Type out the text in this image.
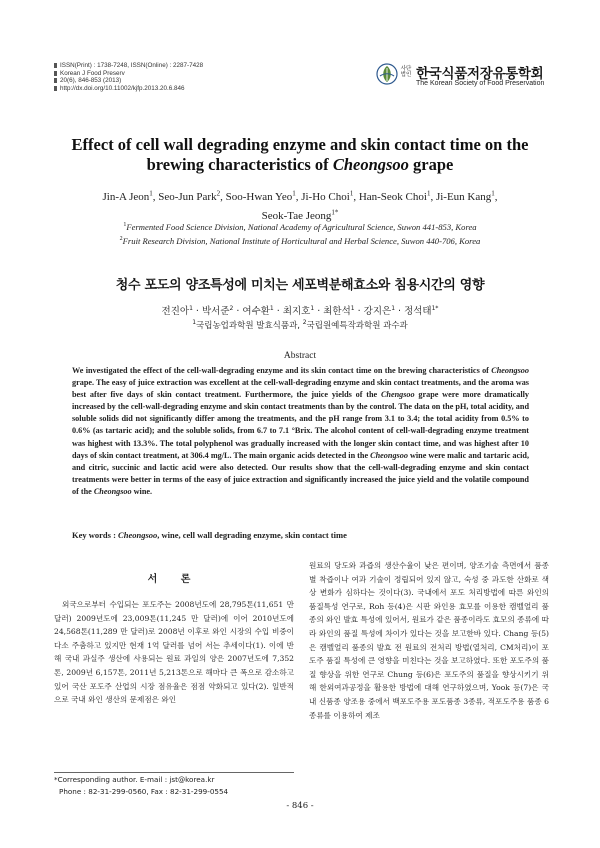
ISSN(Print) : 1738-7248, ISSN(Online) : 2287-7428
Korean J Food Preserv
20(6), 846-853 (2013)
http://dx.doi.org/10.11002/kjfp.2013.20.6.846
사단 법인 한국식품저장유통학회
The Korean Society of Food Preservation
Effect of cell wall degrading enzyme and skin contact time on the
brewing characteristics of Cheongsoo grape
Jin-A Jeon$^1$, Seo-Jun Park$^2$, Soo-Hwan Yeo$^1$, Ji-Ho Choi$^1$, Han-Seok Choi$^1$, Ji-Eun Kang$^1$,
Seok-Tae Jeong$^{1*}$
$^1$Fermented Food Science Division, National Academy of Agricultural Science, Suwon 441-853, Korea
$^2$Fruit Research Division, National Institute of Horticultural and Herbal Science, Suwon 440-706, Korea
청수 포도의 양조특성에 미치는 세포벽분해효소와 침용시간의 영향
전진아$^1$ · 박서준$^2$ · 여수환$^1$ · 최지호$^1$ · 최한석$^1$ · 강지은$^1$ · 정석태$^{1*}$
$^1$국립농업과학원 발효식품과, $^2$국립원예특작과학원 과수과
Abstract
We investigated the effect of the cell-wall-degrading enzyme and its skin contact time on the brewing characteristics of Cheongsoo grape. The easy of juice extraction was excellent at the cell-wall-degrading enzyme and skin contact treatments, and the aroma was best after five days of skin contact treatment. Furthermore, the juice yields of the Chengsoo grape were more dramatically increased by the cell-wall-degrading enzyme and skin contact treatments than by the control. The data on the pH, total acidity, and soluble solids did not significantly differ among the treatments, and the pH range from 3.1 to 3.4; the total acidity from 0.5% to 0.6% (as tartaric acid); and the soluble solids, from 6.7 to 7.1 °Brix. The alcohol content of cell-wall-degrading enzyme treatment was highest with 13.3%. The total polyphenol was gradually increased with the longer skin contact time, and was highest after 10 days of skin contact treatment, at 306.4 mg/L. The main organic acids detected in the Cheongsoo wine were malic and tartaric acid, and citric, succinic and lactic acid were also detected. Our results show that the cell-wall-degrading enzyme and skin contact treatments were better in terms of the easy of juice extraction and significantly increased the juice yield and the volatile compound of the Cheongsoo wine.
Key words : Cheongsoo, wine, cell wall degrading enzyme, skin contact time
서 론

외국으로부터 수입되는 포도주는 2008년도에 28,795톤(11,651 만 달러) 2009년도에 23,009톤(11,245 만 달러)에 이어 2010년도에 24,568톤(11,289 만 달러)로 2008년 이후로 와인 시장의 수입 비중이 다소 주춤하고 있지만 현재 1억 달러를 넘어 서는 추세이다(1). 이에 반해 국내 과실주 생산에 사용되는 원료 과일의 양은 2007년도에 7,352톤, 2009년 6,157톤, 2011년 5,213톤으로 해마다 큰 폭으로 감소하고 있어 국산 포도주 산업의 시장 점유율은 점점 약화되고 있다(2). 일반적으로 국내 와인 생산의 문제점은 와인

원료의 당도와 과즙의 생산수율이 낮은 편이며, 양조기술 측면에서 품종별 착즙이나 여과 기술이 정립되어 있지 않고, 숙성 중 과도한 산화로 색상 변화가 심하다는 것이다(3). 국내에서 포도 처리방법에 따른 와인의 품질특성 연구로, Roh 등(4)은 시판 와인용 효모를 이용한 캠벨얼리 품종의 와인 발효 특성에 있어서, 원료가 같은 품종이라도 효모의 종류에 따라 와인의 품질 특성에 차이가 있다는 것을 보고한바 있다. Chang 등(5)은 캠벨얼리 품종의 발효 전 원료의 전처리 방법(열처리, CM처리)이 포도주 품질 특성에 큰 영향을 미친다는 것을 보고하였다. 또한 포도주의 품질 향상을 위한 연구로 Chung 등(6)은 포도주의 품질을 향상시키기 위해 한외여과공정을 활용한 방법에 대해 연구하였으며, Yook 등(7)은 국내 신품종 양조용 중에서 백포도주용 포도품종 3종류, 적포도주용 품종 6종류를 이용하여 제조

*Corresponding author. E-mail : jst@korea.kr
Phone : 82-31-299-0560, Fax : 82-31-299-0554
- 846 -
